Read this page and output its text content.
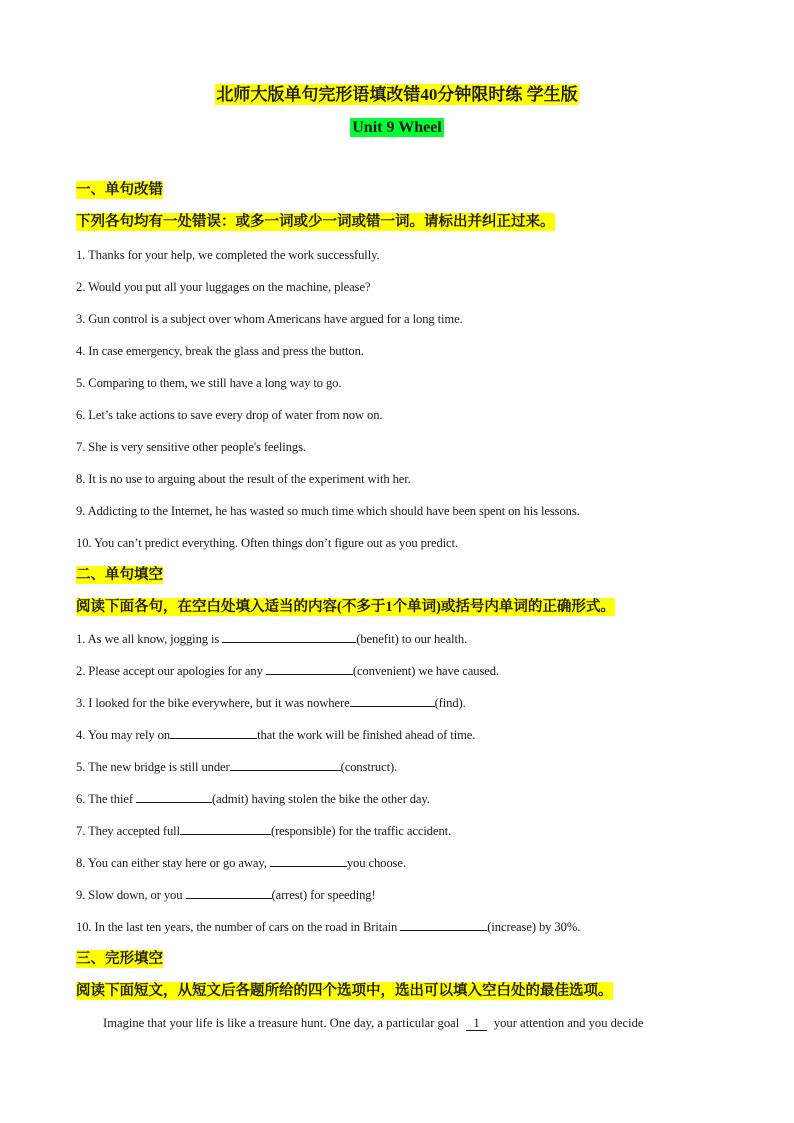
北师大版单句完形语填改错40分钟限时练 学生版
Unit 9 Wheel
一、单句改错
下列各句均有一处错误：或多一词或少一词或错一词。请标出并纠正过来。
1. Thanks for your help, we completed the work successfully.
2. Would you put all your luggages on the machine, please?
3. Gun control is a subject over whom Americans have argued for a long time.
4. In case emergency, break the glass and press the button.
5. Comparing to them, we still have a long way to go.
6. Let’s take actions to save every drop of water from now on.
7. She is very sensitive other people's feelings.
8. It is no use to arguing about the result of the experiment with her.
9. Addicting to the Internet, he has wasted so much time which should have been spent on his lessons.
10. You can’t predict everything. Often things don’t figure out as you predict.
二、单句填空
阅读下面各句，在空白处填入适当的内容(不多于1个单词)或括号内单词的正确形式。
1. As we all know, jogging is	(benefit) to our health.
2. Please accept our apologies for any	(convenient) we have caused.
3. I looked for the bike everywhere, but it was nowhere	(find).
4. You may rely on	that the work will be finished ahead of time.
5. The new bridge is still under	(construct).
6. The thief	(admit) having stolen the bike the other day.
7. They accepted full	(responsible) for the traffic accident.
8. You can either stay here or go away,	you choose.
9. Slow down, or you	(arrest) for speeding!
10. In the last ten years, the number of cars on the road in Britain	(increase) by 30%.
三、完形填空
阅读下面短文，从短文后各题所给的四个选项中，选出可以填入空白处的最佳选项。
Imagine that your life is like a treasure hunt. One day, a particular goal 1 your attention and you decide
